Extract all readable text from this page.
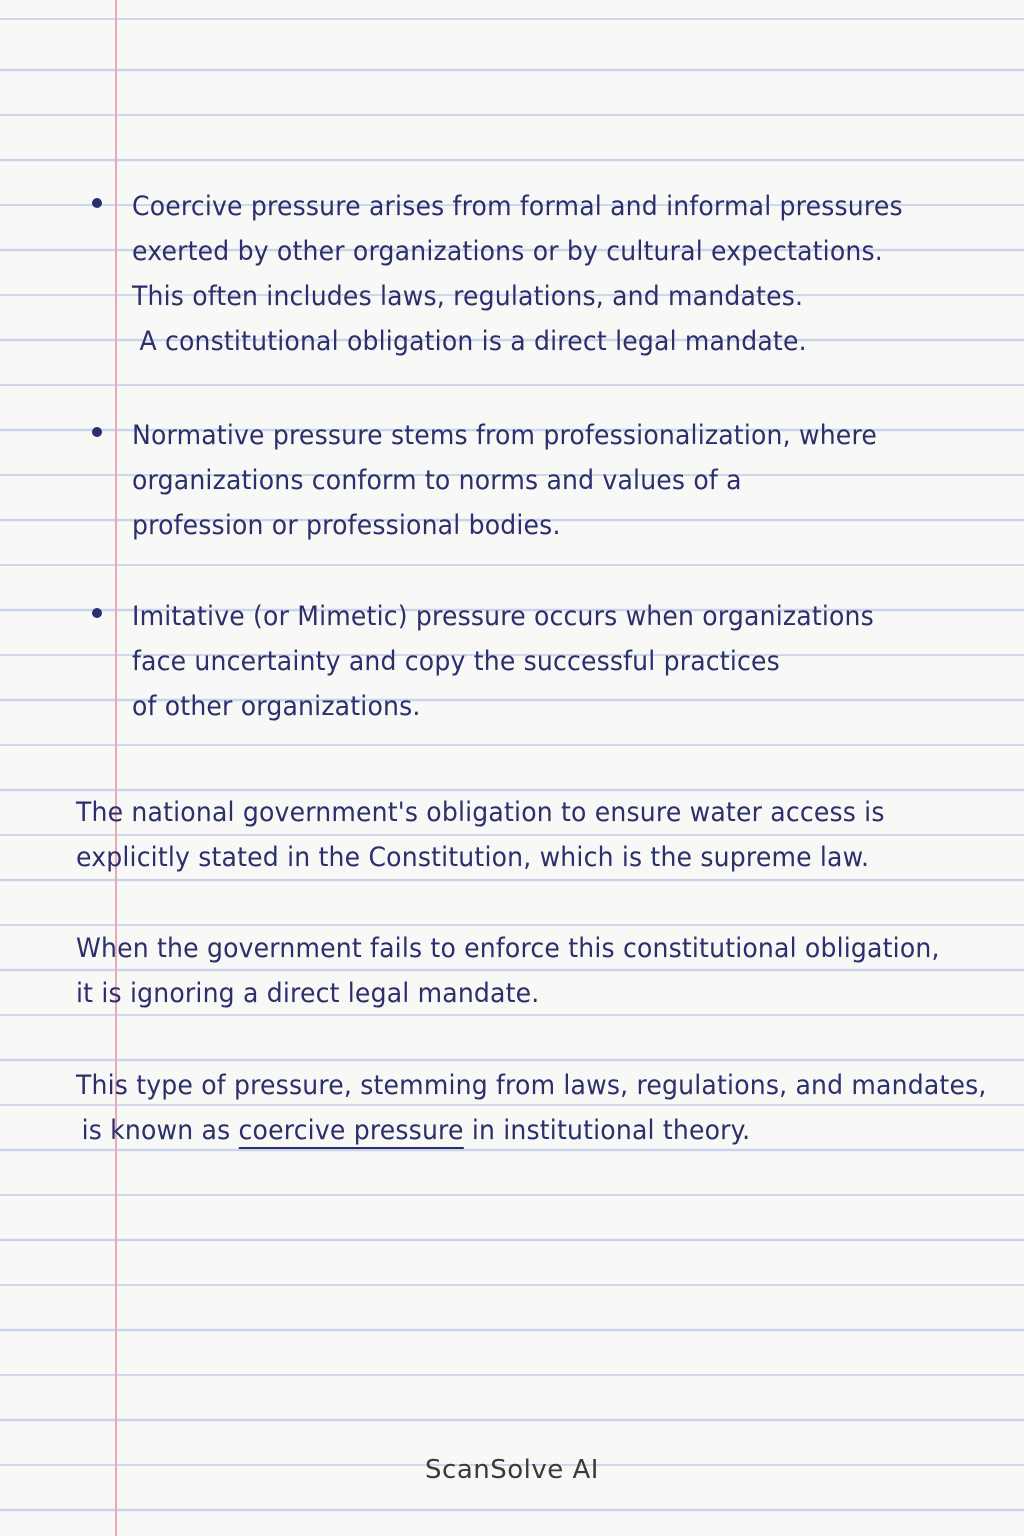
Coercive pressure arises from formal and informal pressures
exerted by other organizations or by cultural expectations.
This often includes laws, regulations, and mandates.
A constitutional obligation is a direct legal mandate.
Normative pressure stems from professionalization, where
organizations conform to norms and values of a
profession or professional bodies.
Imitative (or Mimetic) pressure occurs when organizations
face uncertainty and copy the successful practices
of other organizations.
The national government's obligation to ensure water access is
explicitly stated in the Constitution, which is the supreme law.
When the government fails to enforce this constitutional obligation,
it is ignoring a direct legal mandate.
This type of pressure, stemming from laws, regulations, and mandates,
is known as coercive pressure in institutional theory.
ScanSolve AI
